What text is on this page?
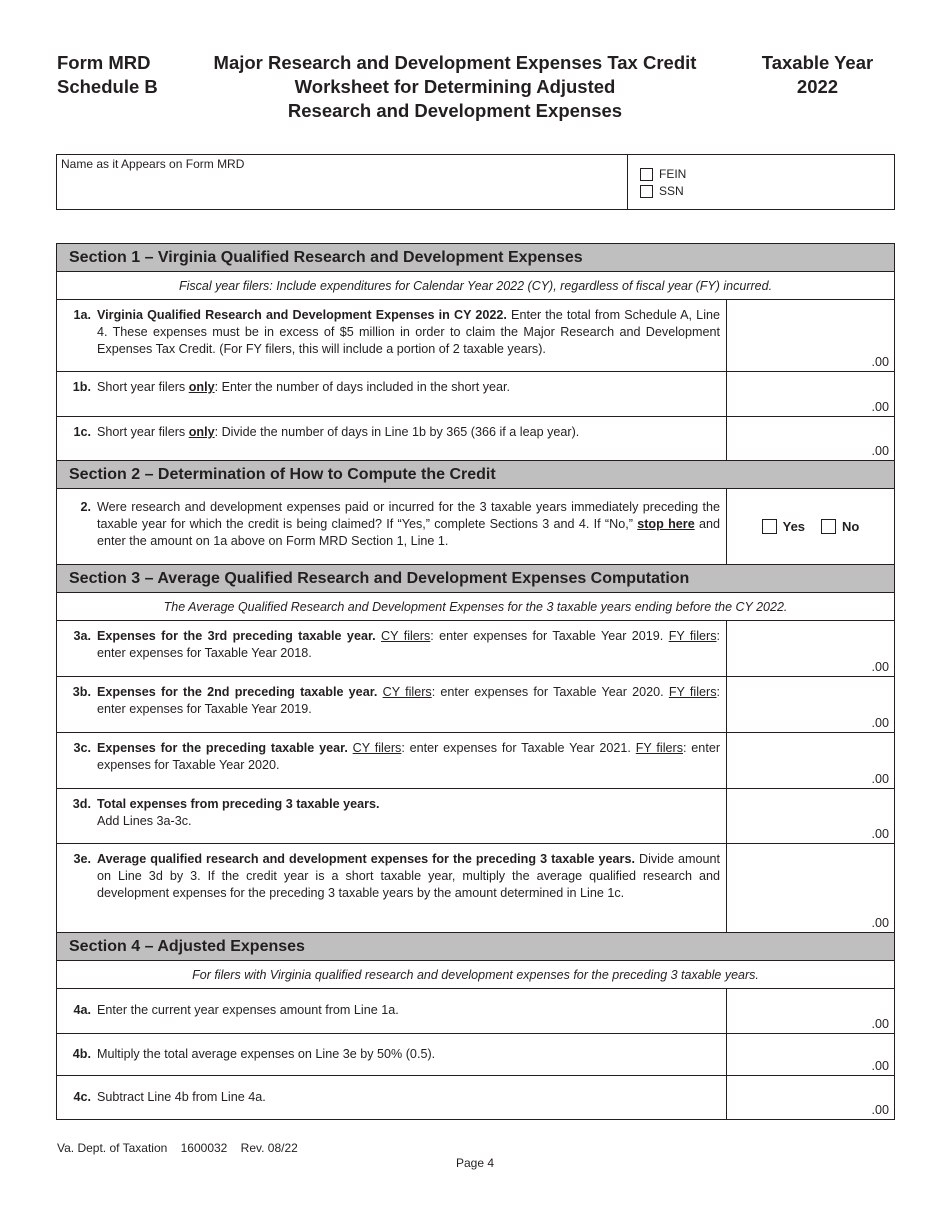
Form MRD
Schedule B
Major Research and Development Expenses Tax Credit
Worksheet for Determining Adjusted
Research and Development Expenses
Taxable Year
2022
Name as it Appears on Form MRD
FEIN
SSN
Section 1 – Virginia Qualified Research and Development Expenses
Fiscal year filers: Include expenditures for Calendar Year 2022 (CY), regardless of fiscal year (FY) incurred.
1a. Virginia Qualified Research and Development Expenses in CY 2022. Enter the total from Schedule A, Line 4. These expenses must be in excess of $5 million in order to claim the Major Research and Development Expenses Tax Credit. (For FY filers, this will include a portion of 2 taxable years).
.00
1b. Short year filers only: Enter the number of days included in the short year.
.00
1c. Short year filers only: Divide the number of days in Line 1b by 365 (366 if a leap year).
.00
Section 2 – Determination of How to Compute the Credit
2. Were research and development expenses paid or incurred for the 3 taxable years immediately preceding the taxable year for which the credit is being claimed? If “Yes,” complete Sections 3 and 4. If “No,” stop here and enter the amount on 1a above on Form MRD Section 1, Line 1.
Yes	No
Section 3 – Average Qualified Research and Development Expenses Computation
The Average Qualified Research and Development Expenses for the 3 taxable years ending before the CY 2022.
3a. Expenses for the 3rd preceding taxable year. CY filers: enter expenses for Taxable Year 2019. FY filers: enter expenses for Taxable Year 2018.
.00
3b. Expenses for the 2nd preceding taxable year. CY filers: enter expenses for Taxable Year 2020. FY filers: enter expenses for Taxable Year 2019.
.00
3c. Expenses for the preceding taxable year. CY filers: enter expenses for Taxable Year 2021. FY filers: enter expenses for Taxable Year 2020.
.00
3d. Total expenses from preceding 3 taxable years.
Add Lines 3a-3c.
.00
3e. Average qualified research and development expenses for the preceding 3 taxable years. Divide amount on Line 3d by 3. If the credit year is a short taxable year, multiply the average qualified research and development expenses for the preceding 3 taxable years by the amount determined in Line 1c.
.00
Section 4 – Adjusted Expenses
For filers with Virginia qualified research and development expenses for the preceding 3 taxable years.
4a. Enter the current year expenses amount from Line 1a.
.00
4b. Multiply the total average expenses on Line 3e by 50% (0.5).
.00
4c. Subtract Line 4b from Line 4a.
.00
Va. Dept. of Taxation    1600032    Rev. 08/22
Page 4
